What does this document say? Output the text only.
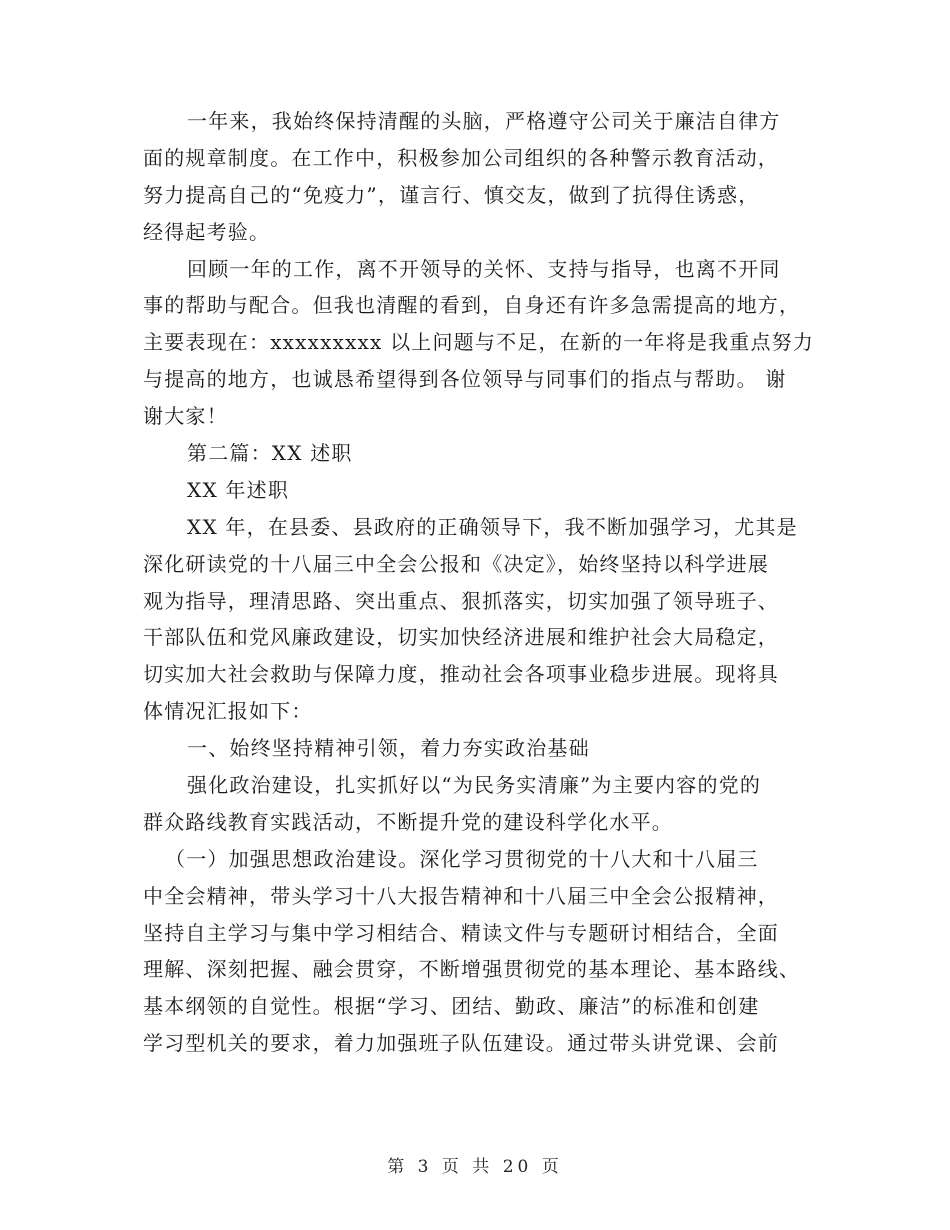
一年来，我始终保持清醒的头脑，严格遵守公司关于廉洁自律方
面的规章制度。在工作中，积极参加公司组织的各种警示教育活动，
努力提高自己的“免疫力”，谨言行、慎交友，做到了抗得住诱惑，
经得起考验。
回顾一年的工作，离不开领导的关怀、支持与指导，也离不开同
事的帮助与配合。但我也清醒的看到，自身还有许多急需提高的地方，
主要表现在：xxxxxxxxx 以上问题与不足，在新的一年将是我重点努力
与提高的地方，也诚恳希望得到各位领导与同事们的指点与帮助。 谢
谢大家！
第二篇：XX 述职
XX 年述职
XX 年，在县委、县政府的正确领导下，我不断加强学习，尤其是
深化研读党的十八届三中全会公报和《决定》，始终坚持以科学进展
观为指导，理清思路、突出重点、狠抓落实，切实加强了领导班子、
干部队伍和党风廉政建设，切实加快经济进展和维护社会大局稳定，
切实加大社会救助与保障力度，推动社会各项事业稳步进展。现将具
体情况汇报如下：
一、始终坚持精神引领，着力夯实政治基础
强化政治建设，扎实抓好以“为民务实清廉”为主要内容的党的
群众路线教育实践活动，不断提升党的建设科学化水平。
（一）加强思想政治建设。深化学习贯彻党的十八大和十八届三
中全会精神，带头学习十八大报告精神和十八届三中全会公报精神，
坚持自主学习与集中学习相结合、精读文件与专题研讨相结合，全面
理解、深刻把握、融会贯穿，不断增强贯彻党的基本理论、基本路线、
基本纲领的自觉性。根据“学习、团结、勤政、廉洁”的标准和创建
学习型机关的要求，着力加强班子队伍建设。通过带头讲党课、会前
第 3 页 共 20 页
